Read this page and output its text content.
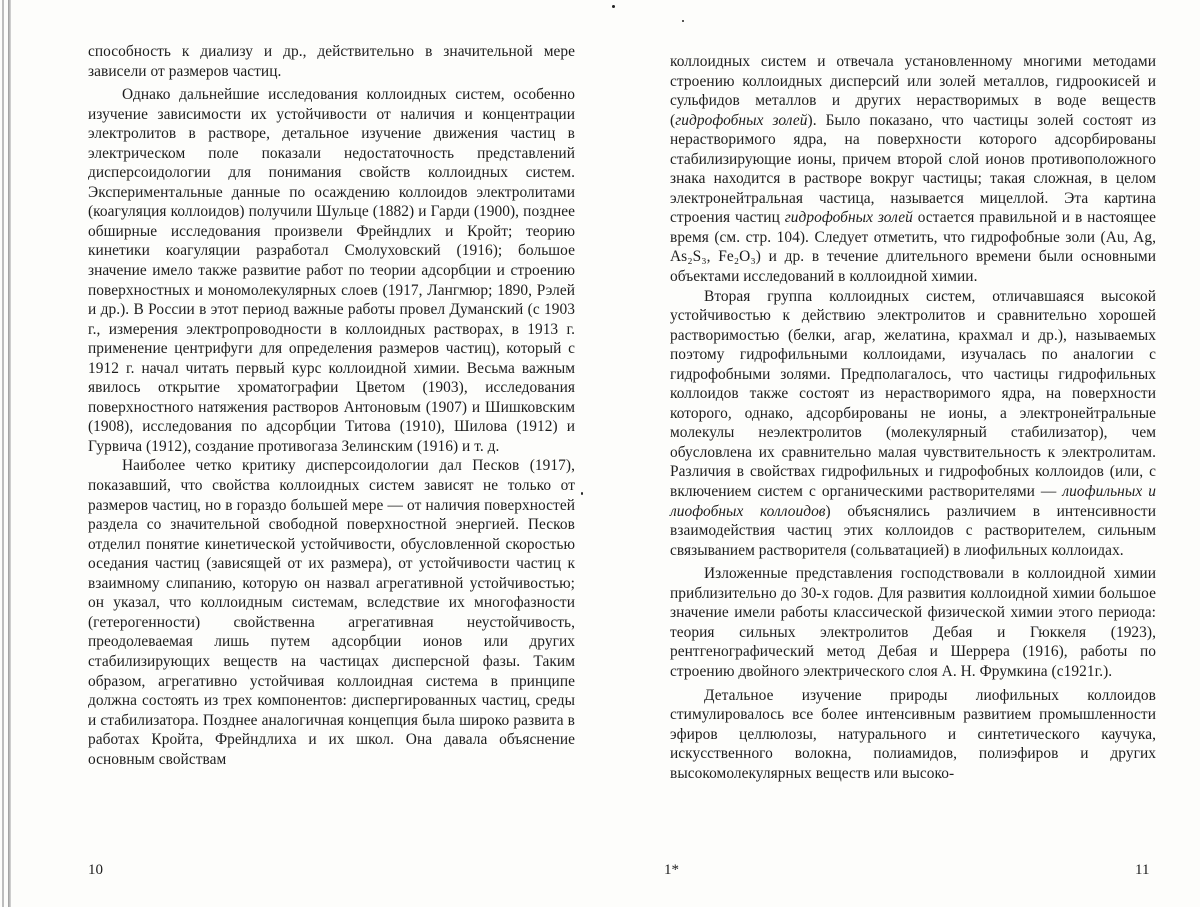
способность к диализу и др., действительно в значительной мере зависели от размеров частиц.

Однако дальнейшие исследования коллоидных систем, особенно изучение зависимости их устойчивости от наличия и концентрации электролитов в растворе, детальное изучение движения частиц в электрическом поле показали недостаточность представлений дисперсоидологии для понимания свойств коллоидных систем. Экспериментальные данные по осаждению коллоидов электролитами (коагуляция коллоидов) получили Шульце (1882) и Гарди (1900), позднее обширные исследования произвели Фрейндлих и Кройт; теорию кинетики коагуляции разработал Смолуховский (1916); большое значение имело также развитие работ по теории адсорбции и строению поверхностных и мономолекулярных слоев (1917, Лангмюр; 1890, Рэлей и др.). В России в этот период важные работы провел Думанский (с 1903 г., измерения электропроводности в коллоидных растворах, в 1913 г. применение центрифуги для определения размеров частиц), который с 1912 г. начал читать первый курс коллоидной химии. Весьма важным явилось открытие хроматографии Цветом (1903), исследования поверхностного натяжения растворов Антоновым (1907) и Шишковским (1908), исследования по адсорбции Титова (1910), Шилова (1912) и Гурвича (1912), создание противогаза Зелинским (1916) и т. д.

Наиболее четко критику дисперсоидологии дал Песков (1917), показавший, что свойства коллоидных систем зависят не только от размеров частиц, но в гораздо большей мере — от наличия поверхностей раздела со значительной свободной поверхностной энергией. Песков отделил понятие кинетической устойчивости, обусловленной скоростью оседания частиц (зависящей от их размера), от устойчивости частиц к взаимному слипанию, которую он назвал агрегативной устойчивостью; он указал, что коллоидным системам, вследствие их многофазности (гетерогенности) свойственна агрегативная неустойчивость, преодолеваемая лишь путем адсорбции ионов или других стабилизирующих веществ на частицах дисперсной фазы. Таким образом, агрегативно устойчивая коллоидная система в принципе должна состоять из трех компонентов: диспергированных частиц, среды и стабилизатора. Позднее аналогичная концепция была широко развита в работах Кройта, Фрейндлиха и их школ. Она давала объяснение основным свойствам

10

коллоидных систем и отвечала установленному многими методами строению коллоидных дисперсий или золей металлов, гидроокисей и сульфидов металлов и других нерастворимых в воде веществ (гидрофобных золей). Было показано, что частицы золей состоят из нерастворимого ядра, на поверхности которого адсорбированы стабилизирующие ионы, причем второй слой ионов противоположного знака находится в растворе вокруг частицы; такая сложная, в целом электронейтральная частица, называется мицеллой. Эта картина строения частиц гидрофобных золей остается правильной и в настоящее время (см. стр. 104). Следует отметить, что гидрофобные золи (Au, Ag, As₂S₃, Fe₂O₃) и др. в течение длительного времени были основными объектами исследований в коллоидной химии.

Вторая группа коллоидных систем, отличавшаяся высокой устойчивостью к действию электролитов и сравнительно хорошей растворимостью (белки, агар, желатина, крахмал и др.), называемых поэтому гидрофильными коллоидами, изучалась по аналогии с гидрофобными золями. Предполагалось, что частицы гидрофильных коллоидов также состоят из нерастворимого ядра, на поверхности которого, однако, адсорбированы не ионы, а электронейтральные молекулы неэлектролитов (молекулярный стабилизатор), чем обусловлена их сравнительно малая чувствительность к электролитам. Различия в свойствах гидрофильных и гидрофобных коллоидов (или, с включением систем с органическими растворителями — лиофильных и лиофобных коллоидов) объяснялись различием в интенсивности взаимодействия частиц этих коллоидов с растворителем, сильным связыванием растворителя (сольватацией) в лиофильных коллоидах.

Изложенные представления господствовали в коллоидной химии приблизительно до 30-х годов. Для развития коллоидной химии большое значение имели работы классической физической химии этого периода: теория сильных электролитов Дебая и Гюккеля (1923), рентгенографический метод Дебая и Шеррера (1916), работы по строению двойного электрического слоя А. Н. Фрумкина (с1921г.).

Детальное изучение природы лиофильных коллоидов стимулировалось все более интенсивным развитием промышленности эфиров целлюлозы, натурального и синтетического каучука, искусственного волокна, полиамидов, полиэфиров и других высокомолекулярных веществ или высоко-

1*	11
